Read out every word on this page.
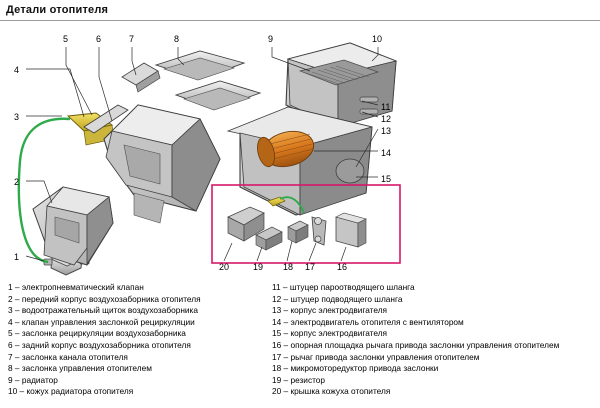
Детали отопителя
4
3
2
1
5	6	7	8	9	10
11
12
13
14
15
20	19 18 17 16
1 – электропневматический клапан
2 – передний корпус воздухозаборника отопителя
3 – водоотражательный щиток воздухозаборника
4 – клапан управления заслонкой рециркуляции
5 – заслонка рециркуляции воздухозаборника
6 – задний корпус воздухозаборника отопителя
7 – заслонка канала отопителя
8 – заслонка управления отопителем
9 – радиатор
10 – кожух радиатора отопителя
11 – штуцер пароотводящего шланга
12 – штуцер подводящего шланга
13 – корпус электродвигателя
14 – электродвигатель отопителя с вентилятором
15 – корпус электродвигателя
16 – опорная площадка рычага привода заслонки управления отопителем
17 – рычаг привода заслонки управления отопителем
18 – микромоторедуктор привода заслонки
19 – резистор
20 – крышка кожуха отопителя
